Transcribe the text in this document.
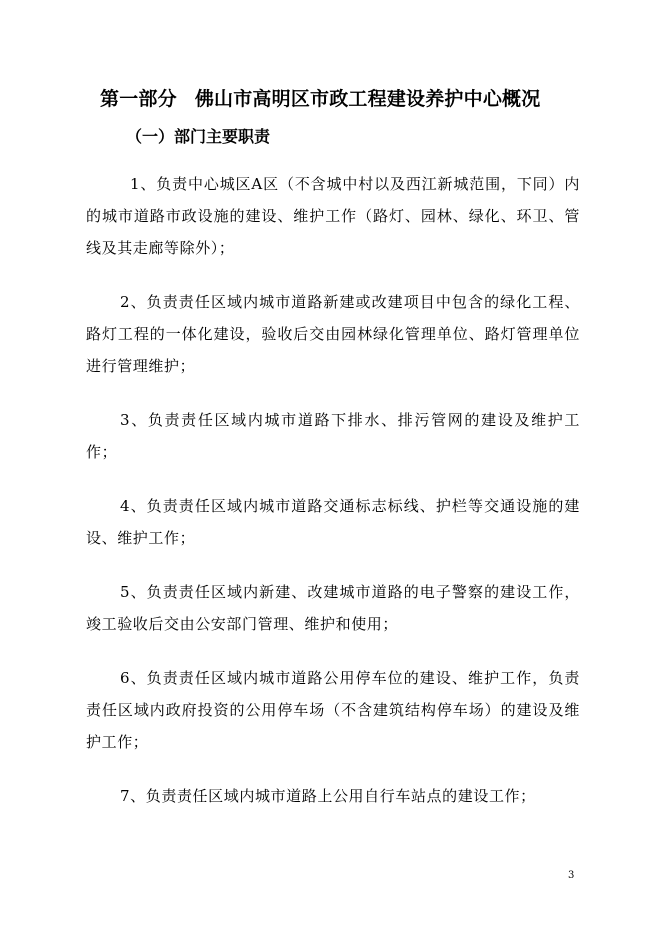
第一部分 佛山市高明区市政工程建设养护中心概况
（一）部门主要职责

1、负责中心城区A区（不含城中村以及西江新城范围，下同）内的城市道路市政设施的建设、维护工作（路灯、园林、绿化、环卫、管线及其走廊等除外）；

2、负责责任区域内城市道路新建或改建项目中包含的绿化工程、路灯工程的一体化建设，验收后交由园林绿化管理单位、路灯管理单位进行管理维护；

3、负责责任区域内城市道路下排水、排污管网的建设及维护工作；

4、负责责任区域内城市道路交通标志标线、护栏等交通设施的建设、维护工作；

5、负责责任区域内新建、改建城市道路的电子警察的建设工作，竣工验收后交由公安部门管理、维护和使用；

6、负责责任区域内城市道路公用停车位的建设、维护工作，负责责任区域内政府投资的公用停车场（不含建筑结构停车场）的建设及维护工作；

7、负责责任区域内城市道路上公用自行车站点的建设工作；

3
